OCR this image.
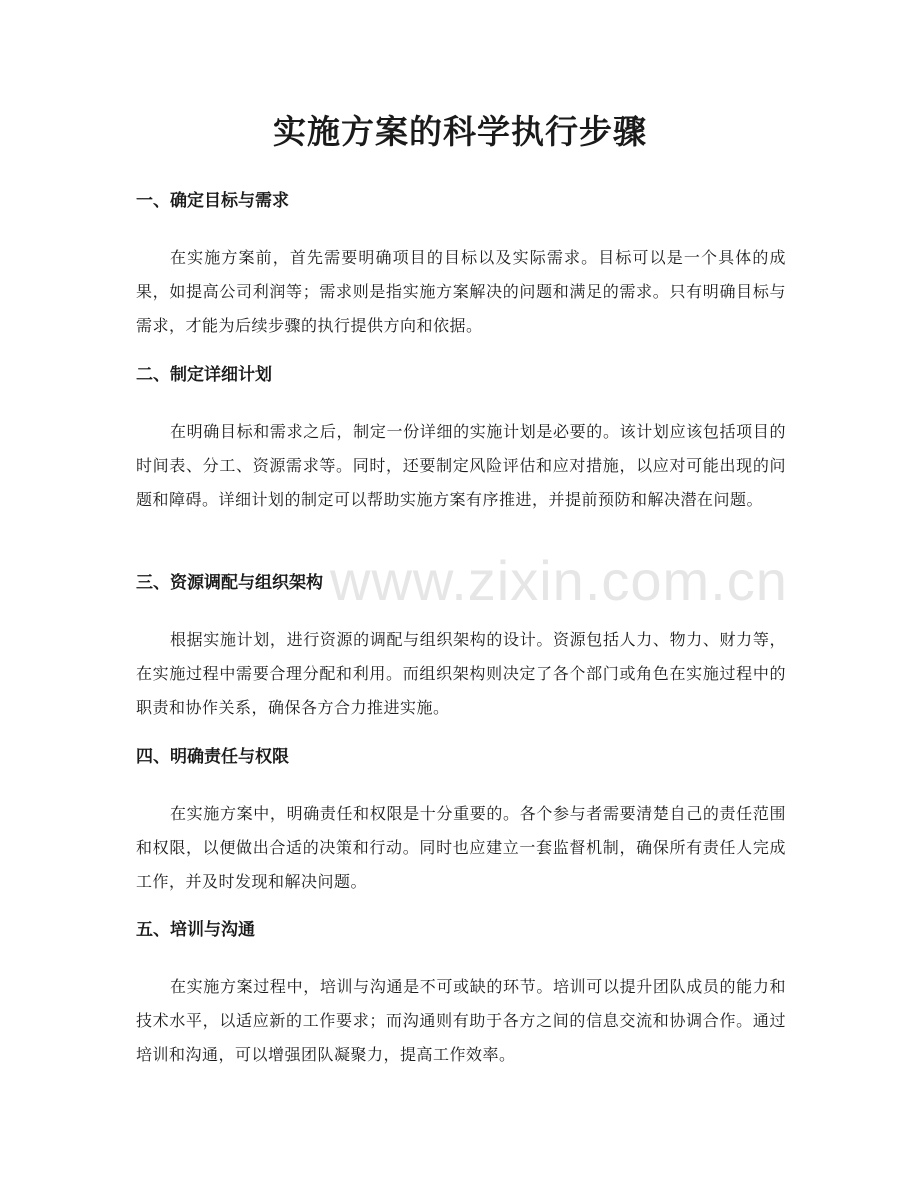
实施方案的科学执行步骤
www.zixin.com.cn
一、确定目标与需求

在实施方案前，首先需要明确项目的目标以及实际需求。目标可以是一个具体的成果，如提高公司利润等；需求则是指实施方案解决的问题和满足的需求。只有明确目标与需求，才能为后续步骤的执行提供方向和依据。

二、制定详细计划

在明确目标和需求之后，制定一份详细的实施计划是必要的。该计划应该包括项目的时间表、分工、资源需求等。同时，还要制定风险评估和应对措施，以应对可能出现的问题和障碍。详细计划的制定可以帮助实施方案有序推进，并提前预防和解决潜在问题。

三、资源调配与组织架构

根据实施计划，进行资源的调配与组织架构的设计。资源包括人力、物力、财力等，在实施过程中需要合理分配和利用。而组织架构则决定了各个部门或角色在实施过程中的职责和协作关系，确保各方合力推进实施。

四、明确责任与权限

在实施方案中，明确责任和权限是十分重要的。各个参与者需要清楚自己的责任范围和权限，以便做出合适的决策和行动。同时也应建立一套监督机制，确保所有责任人完成工作，并及时发现和解决问题。

五、培训与沟通

在实施方案过程中，培训与沟通是不可或缺的环节。培训可以提升团队成员的能力和技术水平，以适应新的工作要求；而沟通则有助于各方之间的信息交流和协调合作。通过培训和沟通，可以增强团队凝聚力，提高工作效率。
